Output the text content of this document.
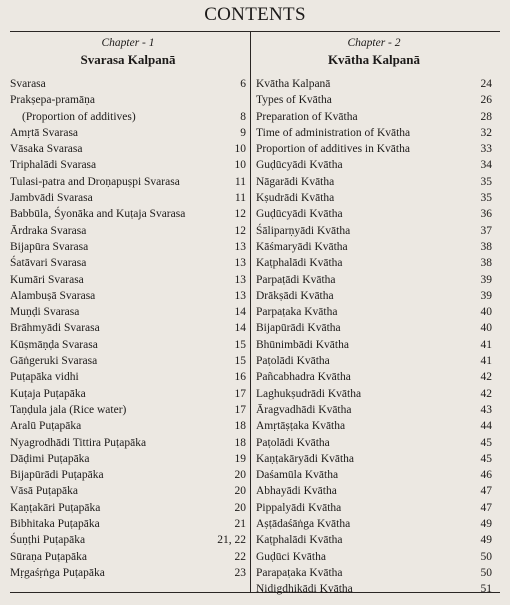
CONTENTS
Chapter - 1
Svarasa Kalpanā
Svarasa	6
Prakṣepa-pramāṇa
(Proportion of additives)	8
Amṛtā Svarasa	9
Vāsaka Svarasa	10
Triphalādi Svarasa	10
Tulasi-patra and Droṇapuṣpi Svarasa	11
Jambvādi Svarasa	11
Babbūla, Śyonāka and Kuṭaja Svarasa	12
Ārdraka Svarasa	12
Bijapūra Svarasa	13
Śatāvari Svarasa	13
Kumāri Svarasa	13
Alambuṣā Svarasa	13
Muṇḍi Svarasa	14
Brāhmyādi Svarasa	14
Kūṣmāṇḍa Svarasa	15
Gāṅgeruki Svarasa	15
Puṭapāka vidhi	16
Kuṭaja Puṭapāka	17
Taṇḍula jala (Rice water)	17
Aralū Puṭapāka	18
Nyagrodhādi Tittira Puṭapāka	18
Dāḍimi Puṭapāka	19
Bijapūrādi Puṭapāka	20
Vāsā Puṭapāka	20
Kaṇṭakāri Puṭapāka	20
Bibhitaka Puṭapāka	21
Śuṇṭhi Puṭapāka	21, 22
Sūraṇa Puṭapāka	22
Mṛgaśṛṅga Puṭapāka	23
Chapter - 2
Kvātha Kalpanā
Kvātha Kalpanā	24
Types of Kvātha	26
Preparation of Kvātha	28
Time of administration of Kvātha	32
Proportion of additives in Kvātha	33
Guḍūcyādi Kvātha	34
Nāgarādi Kvātha	35
Kṣudrādi Kvātha	35
Guḍūcyādi Kvātha	36
Śāliparṇyādi Kvātha	37
Kāśmaryādi Kvātha	38
Kaṭphalādi Kvātha	38
Parpaṭādi Kvātha	39
Drākṣādi Kvātha	39
Parpaṭaka Kvātha	40
Bijapūrādi Kvātha	40
Bhūnimbādi Kvātha	41
Paṭolādi Kvātha	41
Pañcabhadra Kvātha	42
Laghukṣudrādi Kvātha	42
Āragvadhādi Kvātha	43
Amṛtāṣṭaka Kvātha	44
Paṭolādi Kvātha	45
Kaṇṭakāryādi Kvātha	45
Daśamūla Kvātha	46
Abhayādi Kvātha	47
Pippalyādi Kvātha	47
Aṣṭādaśāṅga Kvātha	49
Kaṭphalādi Kvātha	49
Guḍūci Kvātha	50
Parapaṭaka Kvātha	50
Nidigdhikādi Kvātha	51
